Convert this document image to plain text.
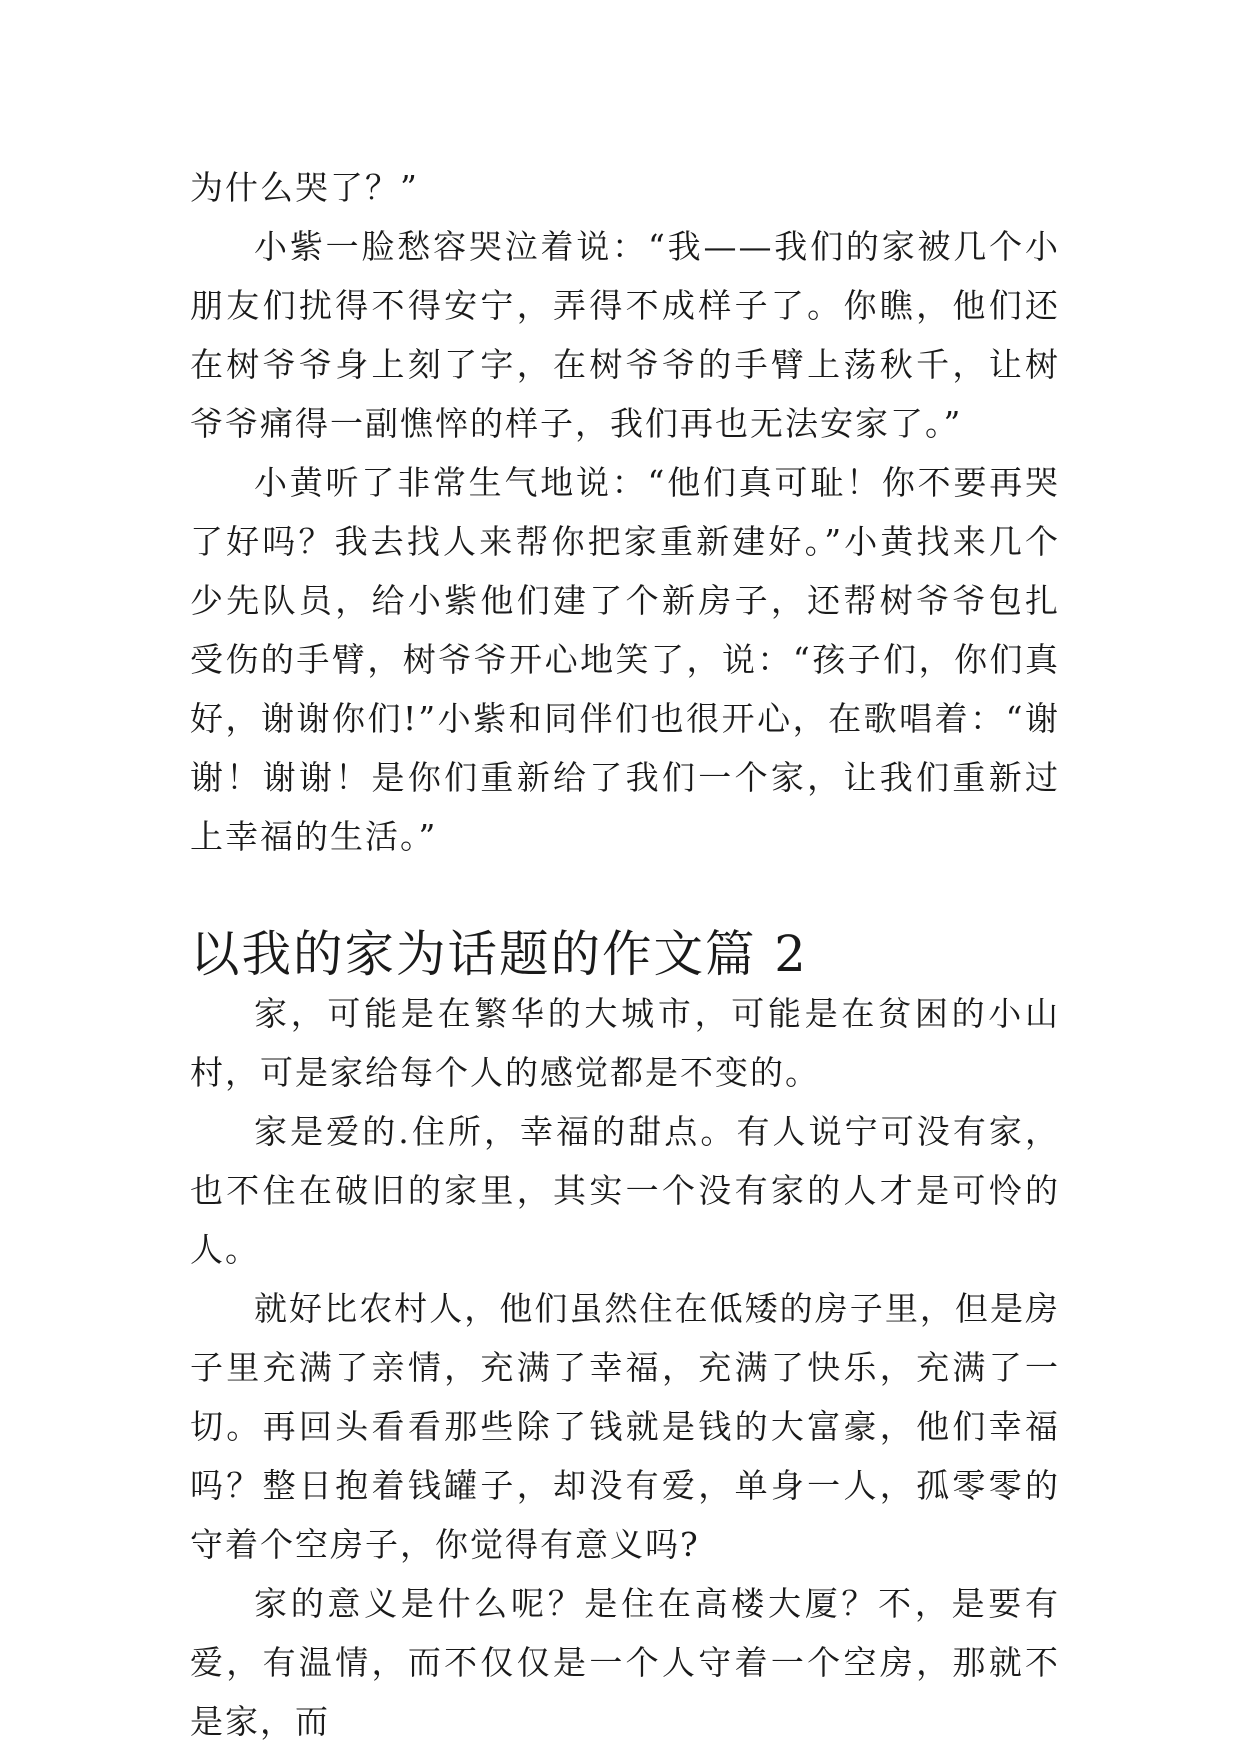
为什么哭了？”

小紫一脸愁容哭泣着说：“我——我们的家被几个小朋友们扰得不得安宁，弄得不成样子了。你瞧，他们还在树爷爷身上刻了字，在树爷爷的手臂上荡秋千，让树爷爷痛得一副憔悴的样子，我们再也无法安家了。”

小黄听了非常生气地说：“他们真可耻！你不要再哭了好吗？我去找人来帮你把家重新建好。”小黄找来几个少先队员，给小紫他们建了个新房子，还帮树爷爷包扎受伤的手臂，树爷爷开心地笑了，说：“孩子们，你们真好，谢谢你们!”小紫和同伴们也很开心，在歌唱着：“谢谢！谢谢！是你们重新给了我们一个家，让我们重新过上幸福的生活。”

以我的家为话题的作文篇 2

家，可能是在繁华的大城市，可能是在贫困的小山村，可是家给每个人的感觉都是不变的。

家是爱的.住所，幸福的甜点。有人说宁可没有家，也不住在破旧的家里，其实一个没有家的人才是可怜的人。

就好比农村人，他们虽然住在低矮的房子里，但是房子里充满了亲情，充满了幸福，充满了快乐，充满了一切。再回头看看那些除了钱就是钱的大富豪，他们幸福吗？整日抱着钱罐子，却没有爱，单身一人，孤零零的守着个空房子，你觉得有意义吗?

家的意义是什么呢？是住在高楼大厦？不，是要有爱，有温情，而不仅仅是一个人守着一个空房，那就不是家，而
